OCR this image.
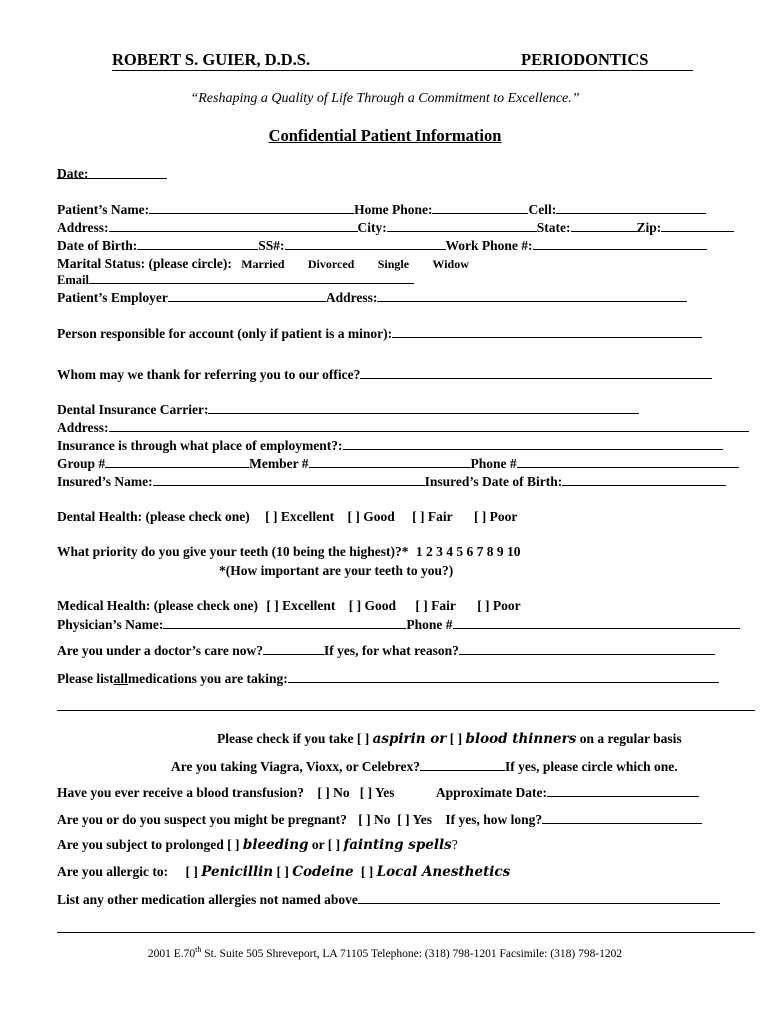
ROBERT S. GUIER, D.D.S.	PERIODONTICS
“Reshaping a Quality of Life Through a Commitment to Excellence.”
Confidential Patient Information
Date:
Patient’s Name:	Home Phone:	Cell:
Address:	City:	State:	Zip:
Date of Birth:	SS#:	Work Phone #:
Marital Status: (please circle): Married Divorced Single Widow
Email
Patient’s Employer	Address:
Person responsible for account (only if patient is a minor):
Whom may we thank for referring you to our office?
Dental Insurance Carrier:
Address:
Insurance is through what place of employment?:
Group #	Member #	Phone #
Insured’s Name:	Insured’s Date of Birth:
Dental Health: (please check one) [ ] Excellent [ ] Good [ ] Fair [ ] Poor
What priority do you give your teeth (10 being the highest)?* 1 2 3 4 5 6 7 8 9 10
*(How important are your teeth to you?)
Medical Health: (please check one) [ ] Excellent [ ] Good [ ] Fair [ ] Poor
Physician’s Name:	Phone #
Are you under a doctor’s care now?	If yes, for what reason?
Please listallmedications you are taking:
Please check if you take [ ] aspirin or [ ] blood thinners on a regular basis
Are you taking Viagra, Vioxx, or Celebrex?	If yes, please circle which one.
Have you ever receive a blood transfusion? [ ] No   [ ] Yes	Approximate Date:
Are you or do you suspect you might be pregnant? [ ] No  [ ] Yes If yes, how long?
Are you subject to prolonged [ ] bleeding or [ ] fainting spells?
Are you allergic to: [ ] Penicillin [ ] Codeine [ ] Local Anesthetics
List any other medication allergies not named above
2001 E.70th St. Suite 505 Shreveport, LA 71105 Telephone: (318) 798-1201 Facsimile: (318) 798-1202
